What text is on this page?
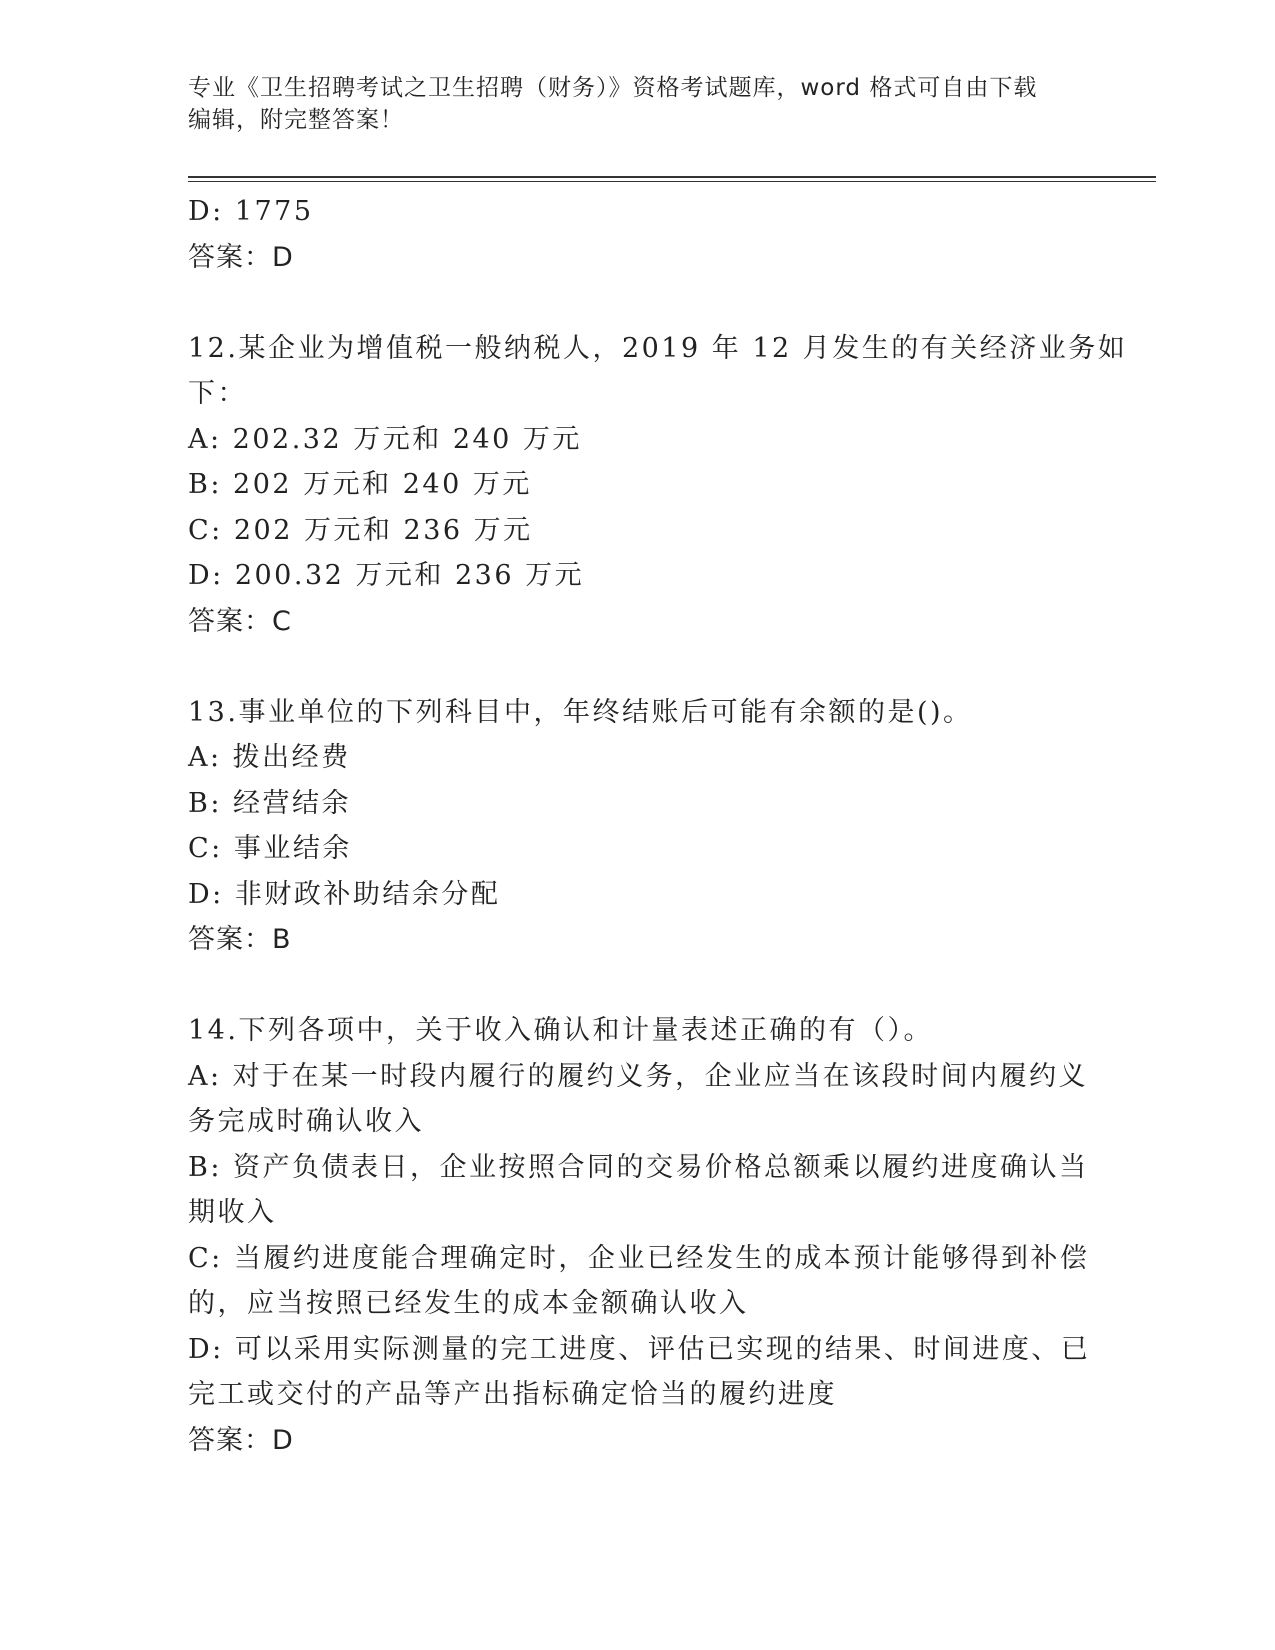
专业《卫生招聘考试之卫生招聘（财务）》资格考试题库，word 格式可自由下载
编辑，附完整答案！
D: 1775
答案：D
12.某企业为增值税一般纳税人，2019 年 12 月发生的有关经济业务如
下：
A: 202.32 万元和 240 万元
B: 202 万元和 240 万元
C: 202 万元和 236 万元
D: 200.32 万元和 236 万元
答案：C
13.事业单位的下列科目中，年终结账后可能有余额的是()。
A: 拨出经费
B: 经营结余
C: 事业结余
D: 非财政补助结余分配
答案：B
14.下列各项中，关于收入确认和计量表述正确的有（）。
A: 对于在某一时段内履行的履约义务，企业应当在该段时间内履约义
务完成时确认收入
B: 资产负债表日，企业按照合同的交易价格总额乘以履约进度确认当
期收入
C: 当履约进度能合理确定时，企业已经发生的成本预计能够得到补偿
的，应当按照已经发生的成本金额确认收入
D: 可以采用实际测量的完工进度、评估已实现的结果、时间进度、已
完工或交付的产品等产出指标确定恰当的履约进度
答案：D
